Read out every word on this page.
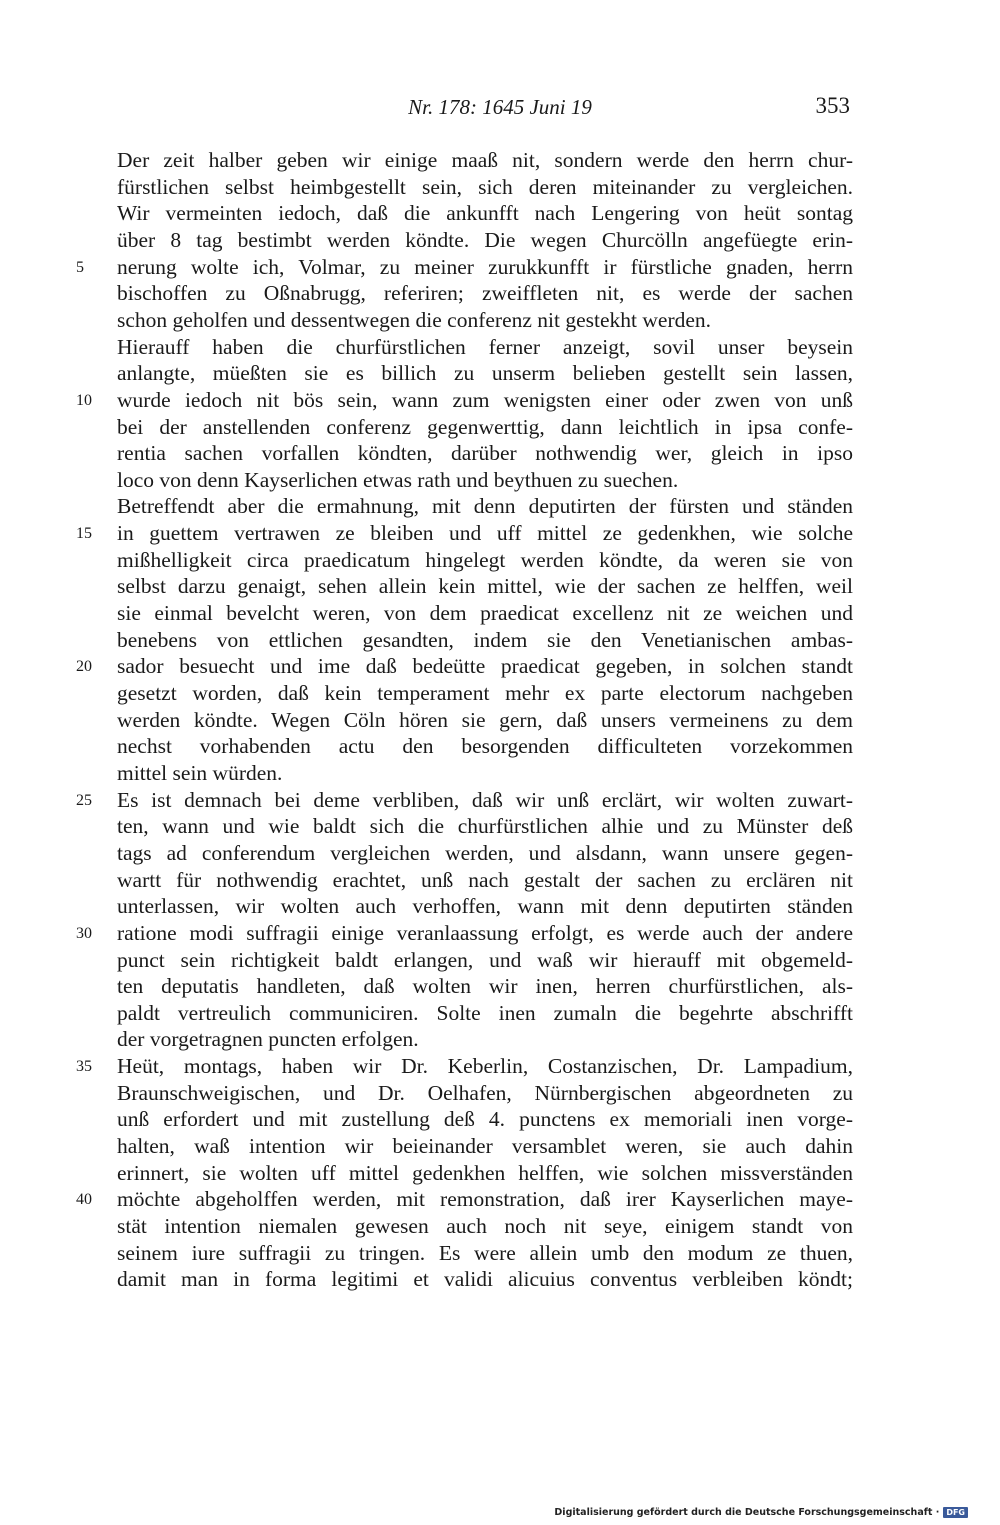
Nr. 178: 1645 Juni 19	353
Der zeit halber geben wir einige maaß nit, sondern werde den herrn chur-
fürstlichen selbst heimbgestellt sein, sich deren miteinander zu vergleichen.
Wir vermeinten iedoch, daß die ankunfft nach Lengering von heüt sontag
über 8 tag bestimbt werden köndte. Die wegen Churcölln angefüegte erin-
nerung wolte ich, Volmar, zu meiner zurukkunfft ir fürstliche gnaden, herrn
5
bischoffen zu Oßnabrugg, referiren; zweiffleten nit, es werde der sachen
schon geholfen und dessentwegen die conferenz nit gestekht werden.
Hierauff haben die churfürstlichen ferner anzeigt, sovil unser beysein
anlangte, müeßten sie es billich zu unserm belieben gestellt sein lassen,
wurde iedoch nit bös sein, wann zum wenigsten einer oder zwen von unß
10
bei der anstellenden conferenz gegenwerttig, dann leichtlich in ipsa confe-
rentia sachen vorfallen köndten, darüber nothwendig wer, gleich in ipso
loco von denn Kayserlichen etwas rath und beythuen zu suechen.
Betreffendt aber die ermahnung, mit denn deputirten der fürsten und ständen
in guettem vertrawen ze bleiben und uff mittel ze gedenkhen, wie solche
15
mißhelligkeit circa praedicatum hingelegt werden köndte, da weren sie von
selbst darzu genaigt, sehen allein kein mittel, wie der sachen ze helffen, weil
sie einmal bevelcht weren, von dem praedicat excellenz nit ze weichen und
benebens von ettlichen gesandten, indem sie den Venetianischen ambas-
sador besuecht und ime daß bedeütte praedicat gegeben, in solchen standt
20
gesetzt worden, daß kein temperament mehr ex parte electorum nachgeben
werden köndte. Wegen Cöln hören sie gern, daß unsers vermeinens zu dem
nechst vorhabenden actu den besorgenden difficulteten vorzekommen
mittel sein würden.
Es ist demnach bei deme verbliben, daß wir unß erclärt, wir wolten zuwart-
25
ten, wann und wie baldt sich die churfürstlichen alhie und zu Münster deß
tags ad conferendum vergleichen werden, und alsdann, wann unsere gegen-
wartt für nothwendig erachtet, unß nach gestalt der sachen zu erclären nit
unterlassen, wir wolten auch verhoffen, wann mit denn deputirten ständen
ratione modi suffragii einige veranlaassung erfolgt, es werde auch der andere
30
punct sein richtigkeit baldt erlangen, und waß wir hierauff mit obgemeld-
ten deputatis handleten, daß wolten wir inen, herren churfürstlichen, als-
paldt vertreulich communiciren. Solte inen zumaln die begehrte abschrifft
der vorgetragnen puncten erfolgen.
Heüt, montags, haben wir Dr. Keberlin, Costanzischen, Dr. Lampadium,
35
Braunschweigischen, und Dr. Oelhafen, Nürnbergischen abgeordneten zu
unß erfordert und mit zustellung deß 4. punctens ex memoriali inen vorge-
halten, waß intention wir beieinander versamblet weren, sie auch dahin
erinnert, sie wolten uff mittel gedenkhen helffen, wie solchen missverständen
möchte abgeholffen werden, mit remonstration, daß irer Kayserlichen maye-
40
stät intention niemalen gewesen auch noch nit seye, einigem standt von
seinem iure suffragii zu tringen. Es were allein umb den modum ze thuen,
damit man in forma legitimi et validi alicuius conventus verbleiben köndt;
Digitalisierung gefördert durch die Deutsche Forschungsgemeinschaft · DFG
